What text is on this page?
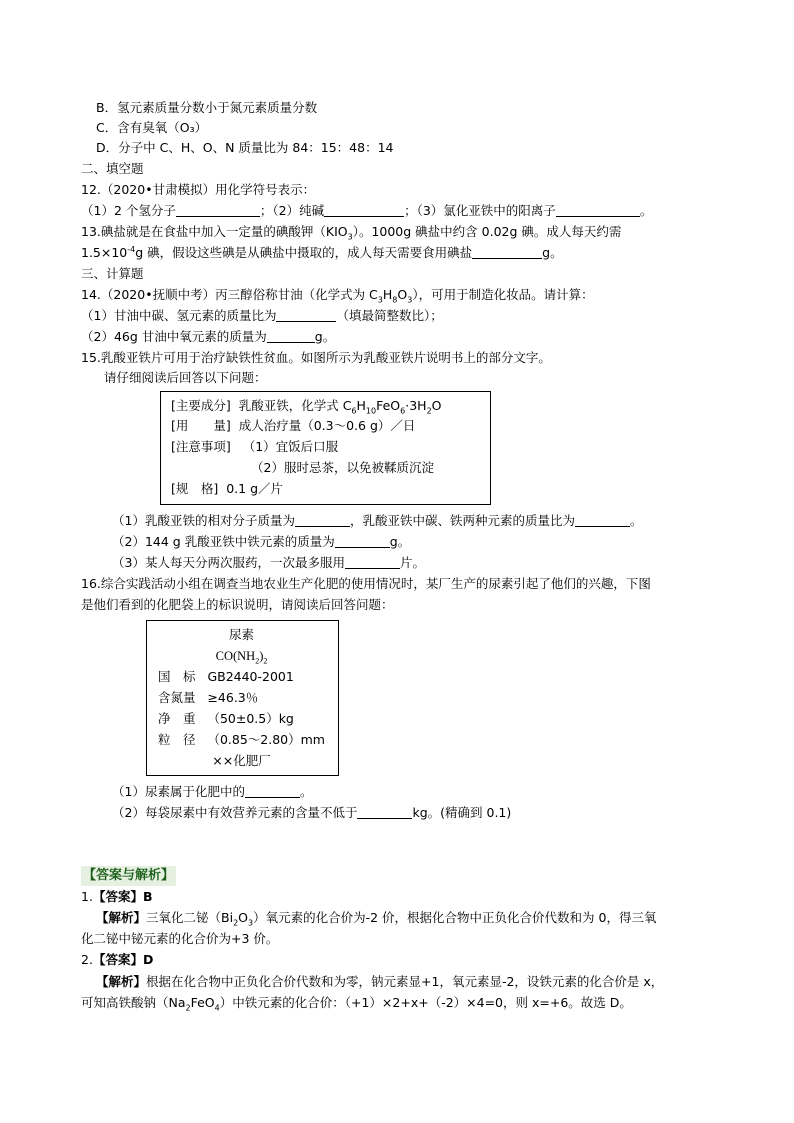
B．氢元素质量分数小于氮元素质量分数
C．含有臭氧（O₃）
D．分子中 C、H、O、N 质量比为 84：15：48：14
二、填空题
12.（2020•甘肃模拟）用化学符号表示：
（1）2 个氢分子	；（2）纯碱	；（3）氯化亚铁中的阳离子	。
13.碘盐就是在食盐中加入一定量的碘酸钾$(KIO_3)$。1000g 碘盐中约含 0.02g 碘。成人每天约需
$1.5\times 10^{-4}g$ 碘，假设这些碘是从碘盐中摄取的，成人每天需要食用碘盐	g。
三、计算题
14.（2020•抚顺中考）丙三醇俗称甘油（化学式为 $C_3H_8O_3$），可用于制造化妆品。请计算：
（1）甘油中碳、氢元素的质量比为	（填最简整数比）；
（2）46g 甘油中氧元素的质量为	g。
15.乳酸亚铁片可用于治疗缺铁性贫血。如图所示为乳酸亚铁片说明书上的部分文字。
请仔细阅读后回答以下问题：
[主要成分] 乳酸亚铁，化学式 $C_6H_{10}FeO_6\cdot 3H_2O$
[用　　量] 成人治疗量（0.3～0.6 g）／日
[注意事项] （1）宜饭后口服
（2）服时忌茶，以免被鞣质沉淀
[规　格] 0.1 g／片
（1）乳酸亚铁的相对分子质量为	，乳酸亚铁中碳、铁两种元素的质量比为	。
（2）144 g 乳酸亚铁中铁元素的质量为	g。
（3）某人每天分两次服药，一次最多服用	片。
16.综合实践活动小组在调查当地农业生产化肥的使用情况时，某厂生产的尿素引起了他们的兴趣，下图
是他们看到的化肥袋上的标识说明，请阅读后回答问题：
尿素
$CO(NH_2)_2$
国　标 GB2440-2001
含氮量 ≥46.3％
净　重 （50±0.5）kg
粒　径 （0.85～2.80）mm
××化肥厂
（1）尿素属于化肥中的	。
（2）每袋尿素中有效营养元素的含量不低于	kg。(精确到 0.1)
【答案与解析】
1.【答案】B
【解析】三氧化二铋$(Bi_2O_3)$氧元素的化合价为-2 价，根据化合物中正负化合价代数和为 0，得三氧
化二铋中铋元素的化合价为+3 价。
2.【答案】D
【解析】根据在化合物中正负化合价代数和为零，钠元素显+1，氧元素显-2，设铁元素的化合价是 x，
可知高铁酸钠$(Na_2FeO_4)$中铁元素的化合价：（+1）×2+x+（-2）×4=0，则 x=+6。故选 D。
